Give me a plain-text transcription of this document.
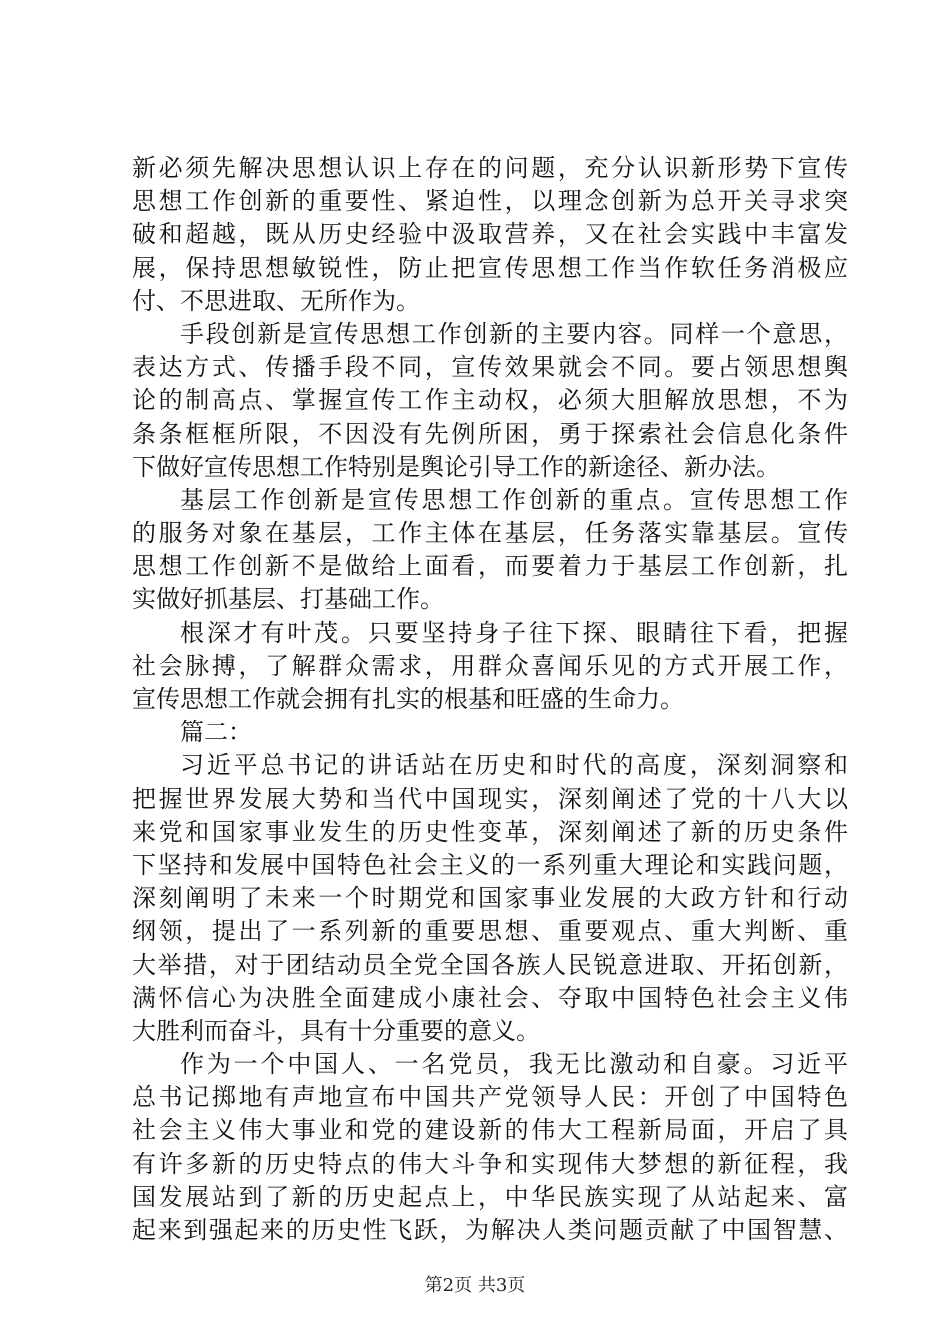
新必须先解决思想认识上存在的问题，充分认识新形势下宣传
思想工作创新的重要性、紧迫性，以理念创新为总开关寻求突
破和超越，既从历史经验中汲取营养，又在社会实践中丰富发
展，保持思想敏锐性，防止把宣传思想工作当作软任务消极应
付、不思进取、无所作为。
手段创新是宣传思想工作创新的主要内容。同样一个意思，
表达方式、传播手段不同，宣传效果就会不同。要占领思想舆
论的制高点、掌握宣传工作主动权，必须大胆解放思想，不为
条条框框所限，不因没有先例所困，勇于探索社会信息化条件
下做好宣传思想工作特别是舆论引导工作的新途径、新办法。
基层工作创新是宣传思想工作创新的重点。宣传思想工作
的服务对象在基层，工作主体在基层，任务落实靠基层。宣传
思想工作创新不是做给上面看，而要着力于基层工作创新，扎
实做好抓基层、打基础工作。
根深才有叶茂。只要坚持身子往下探、眼睛往下看，把握
社会脉搏，了解群众需求，用群众喜闻乐见的方式开展工作，
宣传思想工作就会拥有扎实的根基和旺盛的生命力。
篇二：
习近平总书记的讲话站在历史和时代的高度，深刻洞察和
把握世界发展大势和当代中国现实，深刻阐述了党的十八大以
来党和国家事业发生的历史性变革，深刻阐述了新的历史条件
下坚持和发展中国特色社会主义的一系列重大理论和实践问题，
深刻阐明了未来一个时期党和国家事业发展的大政方针和行动
纲领，提出了一系列新的重要思想、重要观点、重大判断、重
大举措，对于团结动员全党全国各族人民锐意进取、开拓创新，
满怀信心为决胜全面建成小康社会、夺取中国特色社会主义伟
大胜利而奋斗，具有十分重要的意义。
作为一个中国人、一名党员，我无比激动和自豪。习近平
总书记掷地有声地宣布中国共产党领导人民：开创了中国特色
社会主义伟大事业和党的建设新的伟大工程新局面，开启了具
有许多新的历史特点的伟大斗争和实现伟大梦想的新征程，我
国发展站到了新的历史起点上，中华民族实现了从站起来、富
起来到强起来的历史性飞跃，为解决人类问题贡献了中国智慧、
第2页 共3页
